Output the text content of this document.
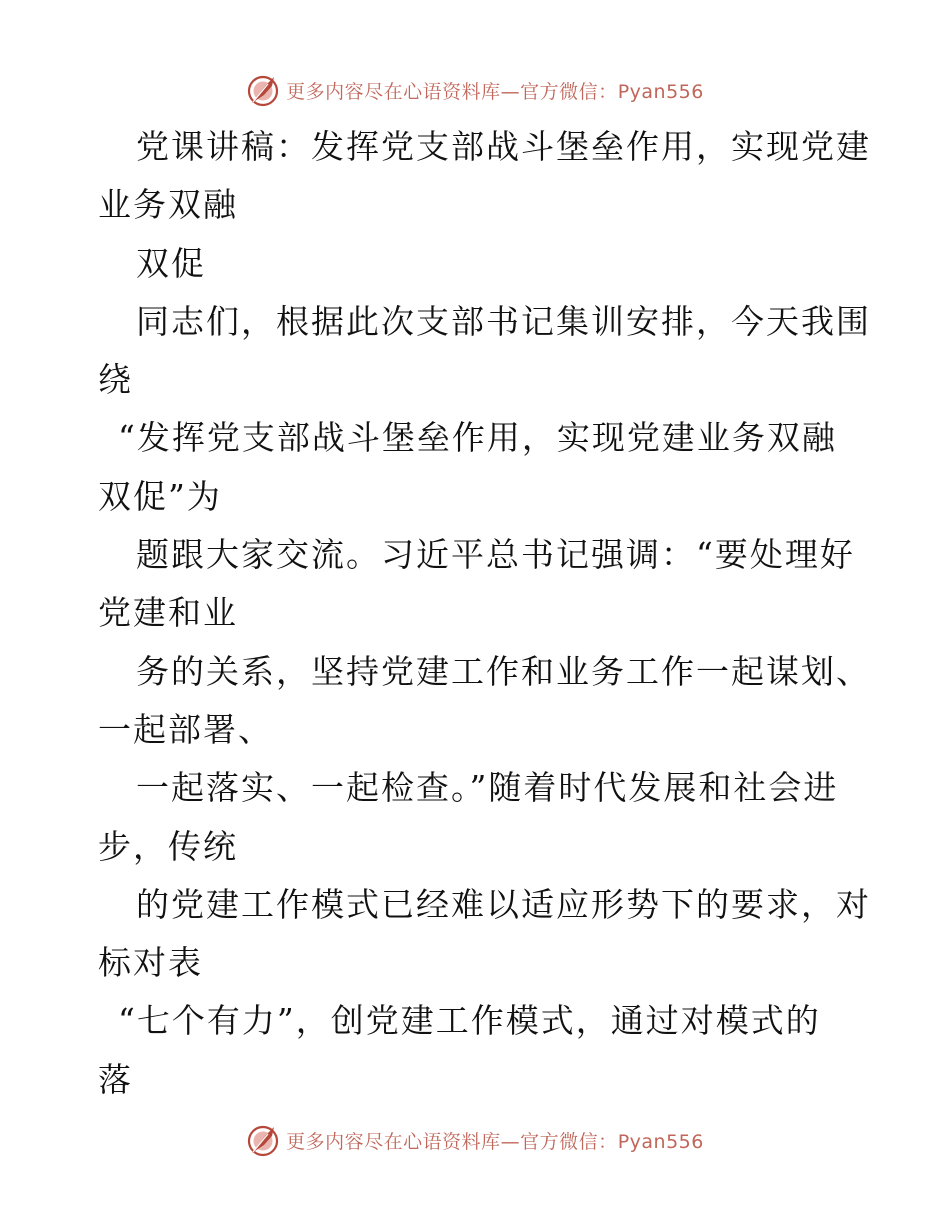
更多内容尽在心语资料库—官方微信：Pyan556
党课讲稿：发挥党支部战斗堡垒作用，实现党建
业务双融
双促
同志们，根据此次支部书记集训安排，今天我围
绕
“发挥党支部战斗堡垒作用，实现党建业务双融
双促”为
题跟大家交流。习近平总书记强调：“要处理好
党建和业
务的关系，坚持党建工作和业务工作一起谋划、
一起部署、
一起落实、一起检查。”随着时代发展和社会进
步，传统
的党建工作模式已经难以适应形势下的要求，对
标对表
“七个有力”，创党建工作模式，通过对模式的
落
更多内容尽在心语资料库—官方微信：Pyan556
